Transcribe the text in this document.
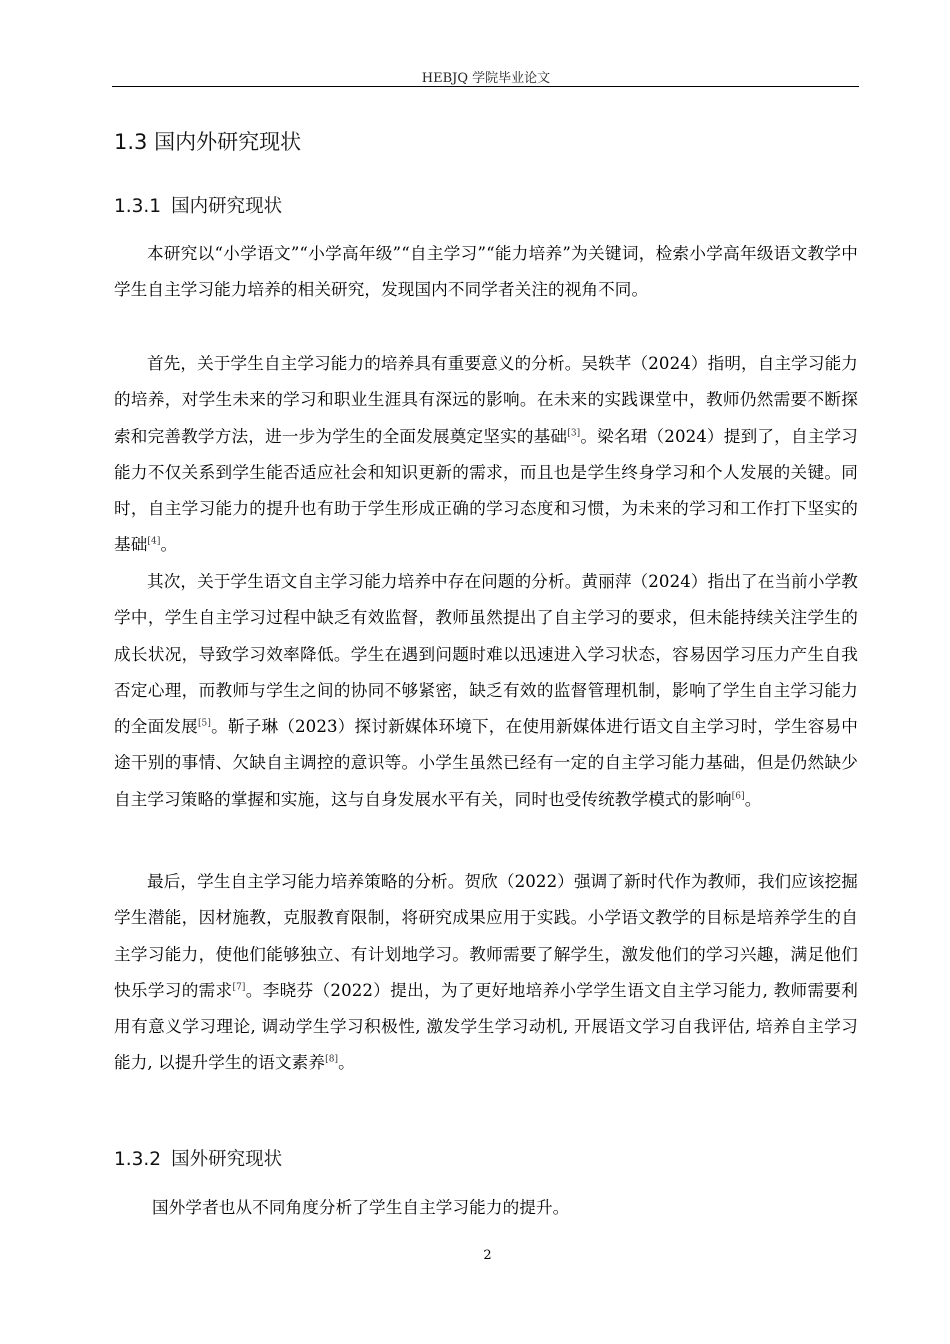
HEBJQ 学院毕业论文
1.3 国内外研究现状
1.3.1 国内研究现状

本研究以“小学语文”“小学高年级”“自主学习”“能力培养”为关键词，检索小学高年级语文教学中学生自主学习能力培养的相关研究，发现国内不同学者关注的视角不同。

首先，关于学生自主学习能力的培养具有重要意义的分析。吴轶芊（2024）指明，自主学习能力的培养，对学生未来的学习和职业生涯具有深远的影响。在未来的实践课堂中，教师仍然需要不断探索和完善教学方法，进一步为学生的全面发展奠定坚实的基础[3]。梁名珺（2024）提到了，自主学习能力不仅关系到学生能否适应社会和知识更新的需求，而且也是学生终身学习和个人发展的关键。同时，自主学习能力的提升也有助于学生形成正确的学习态度和习惯，为未来的学习和工作打下坚实的基础[4]。

其次，关于学生语文自主学习能力培养中存在问题的分析。黄丽萍（2024）指出了在当前小学教学中，学生自主学习过程中缺乏有效监督，教师虽然提出了自主学习的要求，但未能持续关注学生的成长状况，导致学习效率降低。学生在遇到问题时难以迅速进入学习状态，容易因学习压力产生自我否定心理，而教师与学生之间的协同不够紧密，缺乏有效的监督管理机制，影响了学生自主学习能力的全面发展[5]。靳子琳（2023）探讨新媒体环境下，在使用新媒体进行语文自主学习时，学生容易中途干别的事情、欠缺自主调控的意识等。小学生虽然已经有一定的自主学习能力基础，但是仍然缺少自主学习策略的掌握和实施，这与自身发展水平有关，同时也受传统教学模式的影响[6]。

最后，学生自主学习能力培养策略的分析。贺欣（2022）强调了新时代作为教师，我们应该挖掘学生潜能，因材施教，克服教育限制，将研究成果应用于实践。小学语文教学的目标是培养学生的自主学习能力，使他们能够独立、有计划地学习。教师需要了解学生，激发他们的学习兴趣，满足他们快乐学习的需求[7]。李晓芬（2022）提出，为了更好地培养小学学生语文自主学习能力, 教师需要利用有意义学习理论, 调动学生学习积极性, 激发学生学习动机, 开展语文学习自我评估, 培养自主学习能力, 以提升学生的语文素养[8]。

1.3.2 国外研究现状

国外学者也从不同角度分析了学生自主学习能力的提升。

2
